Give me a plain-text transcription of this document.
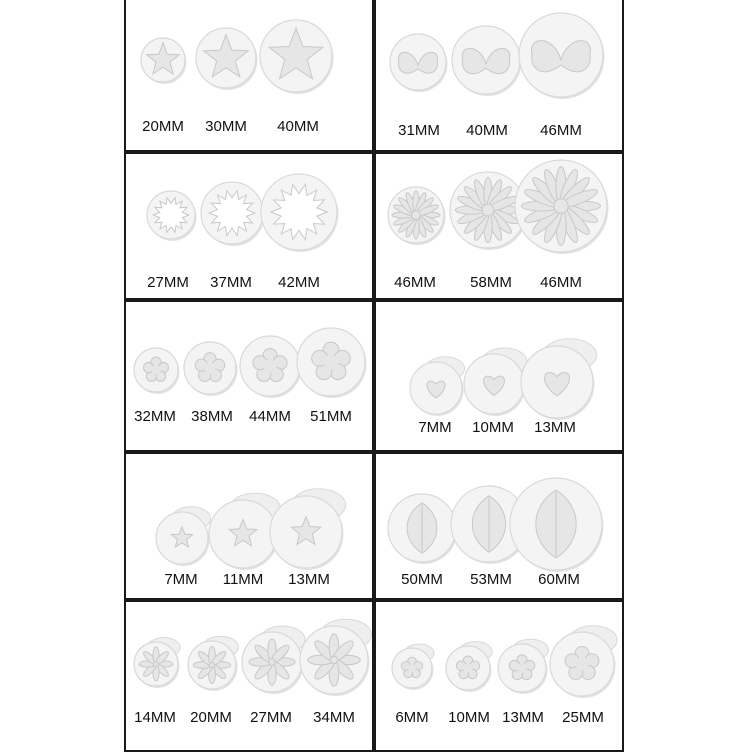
20MM 30MM 40MM	31MM 40MM 46MM
27MM 37MM 42MM	46MM 58MM 46MM
32MM 38MM 44MM 51MM
7MM 10MM 13MM
7MM 11MM 13MM	50MM 53MM 60MM
14MM 20MM 27MM 34MM	6MM 10MM 13MM 25MM
